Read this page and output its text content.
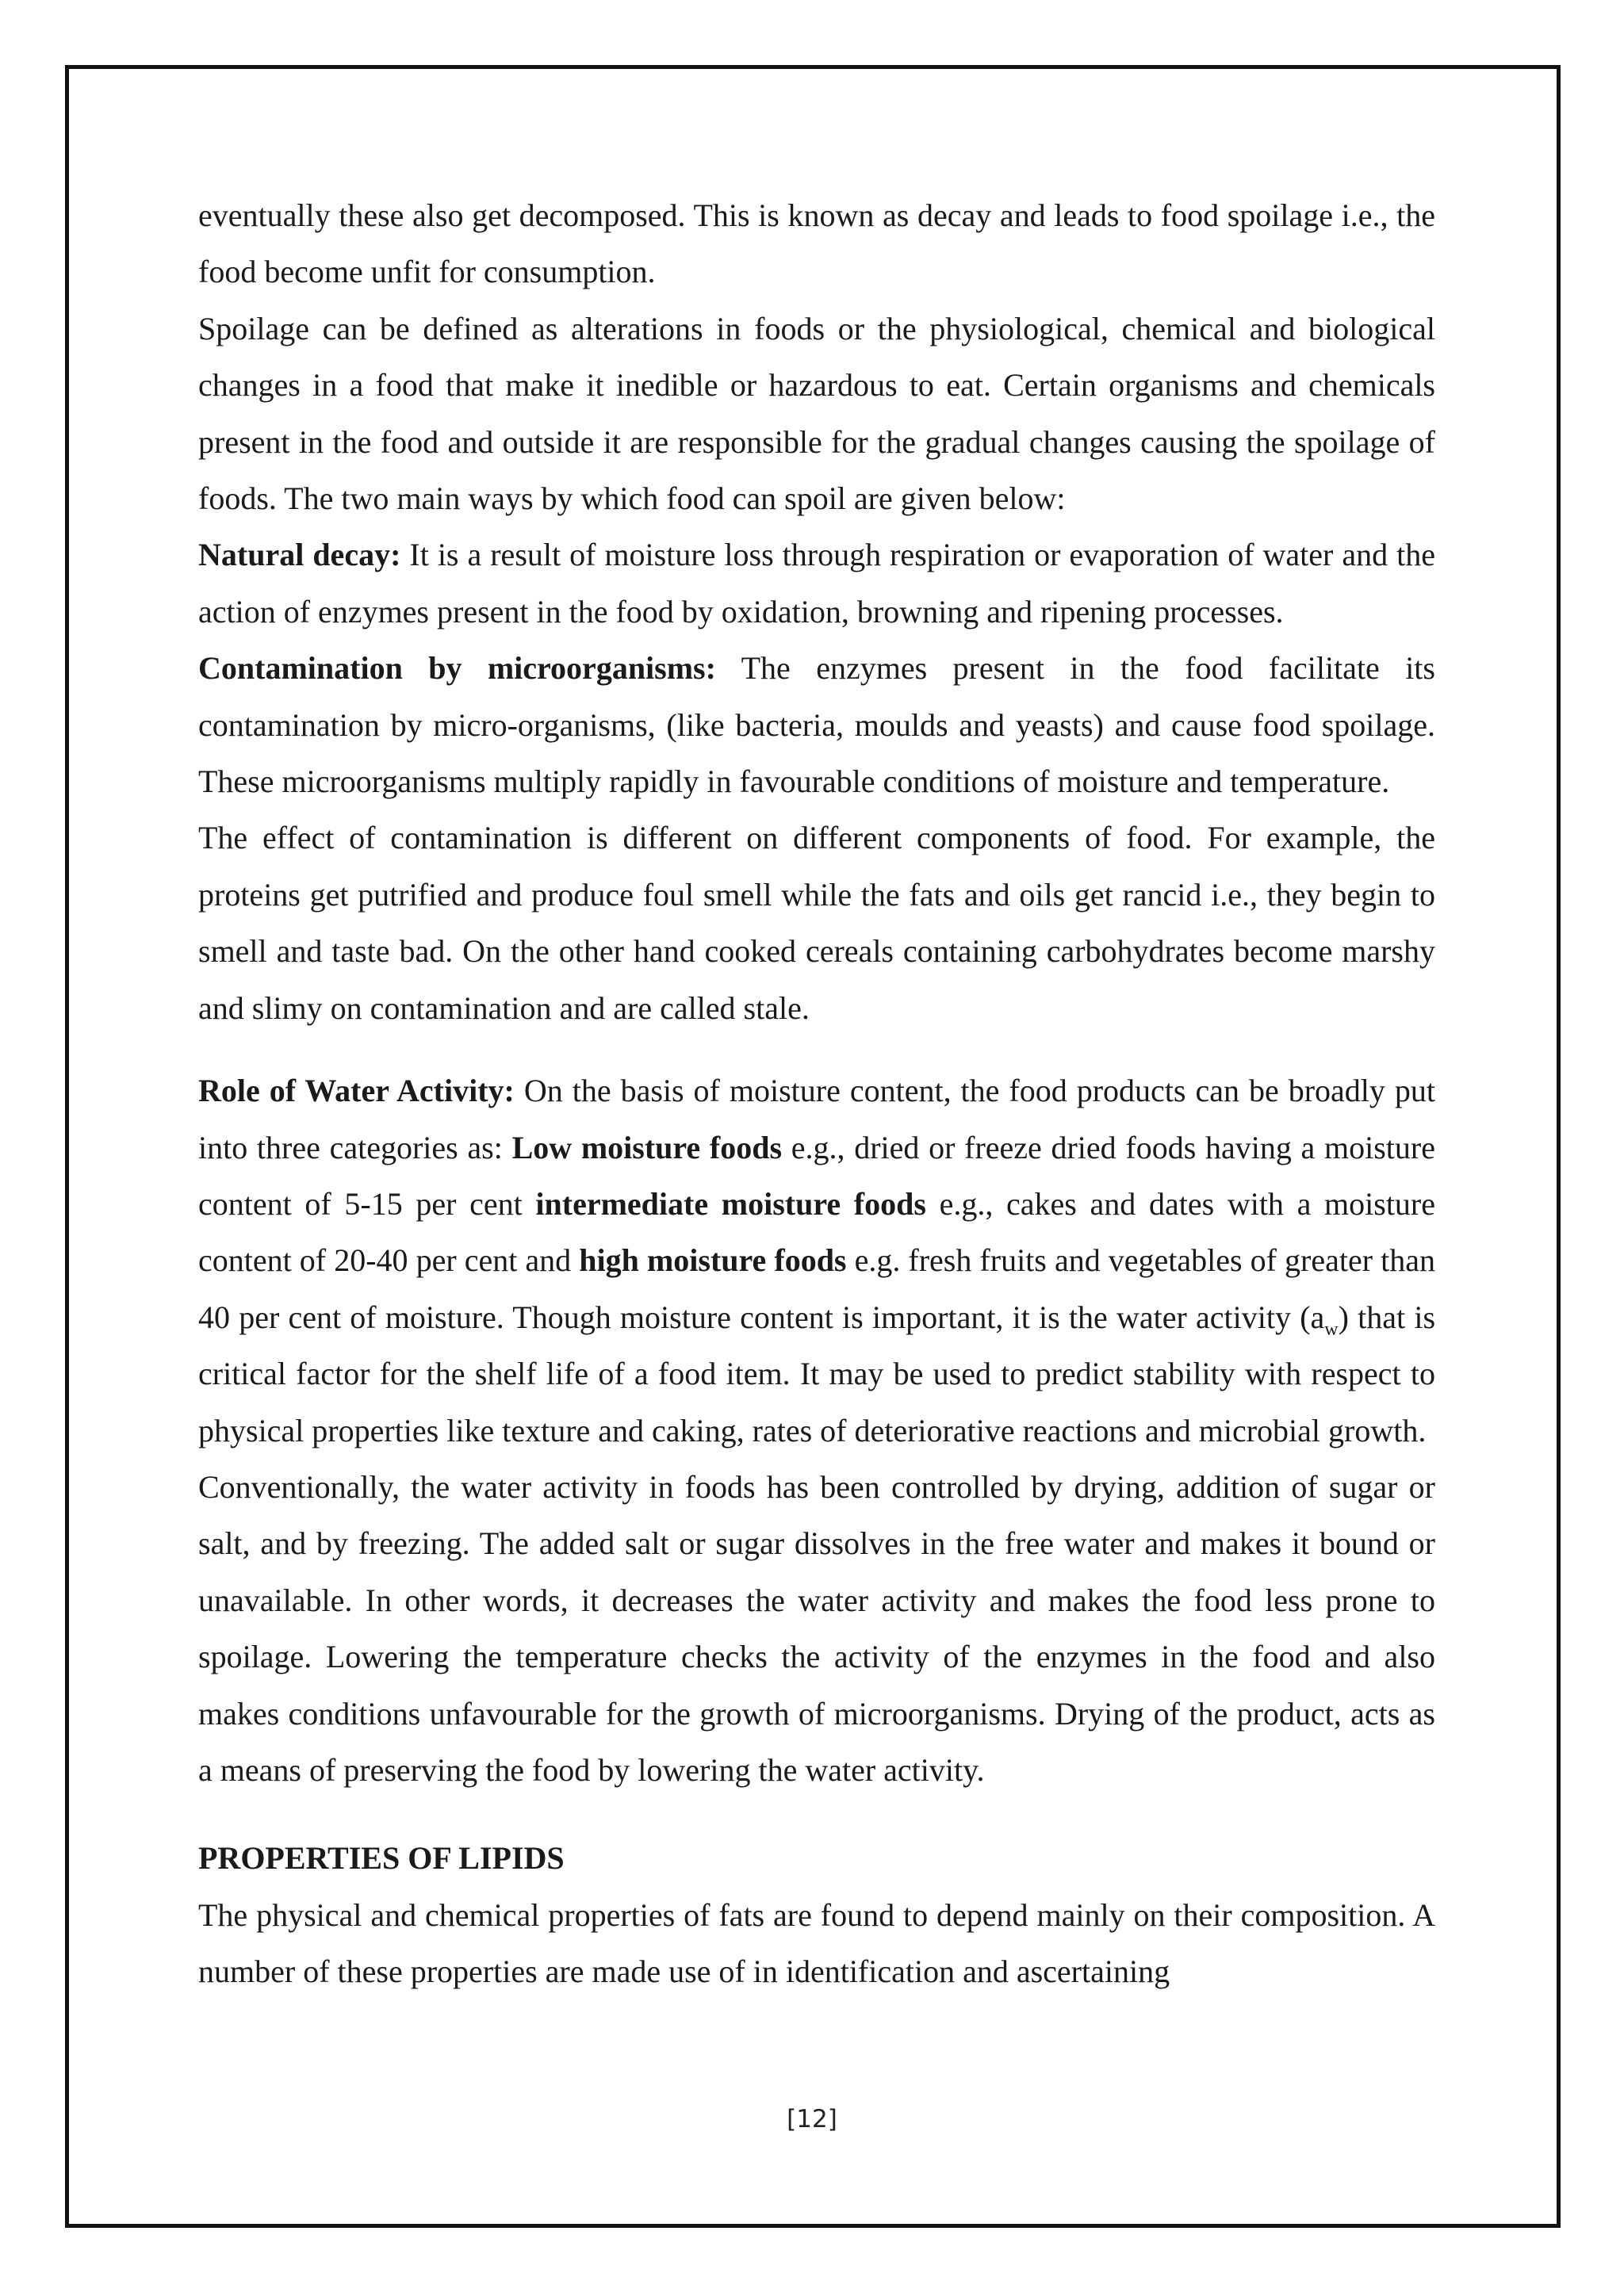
eventually these also get decomposed. This is known as decay and leads to food spoilage i.e., the food become unfit for consumption.

Spoilage can be defined as alterations in foods or the physiological, chemical and biological changes in a food that make it inedible or hazardous to eat. Certain organisms and chemicals present in the food and outside it are responsible for the gradual changes causing the spoilage of foods. The two main ways by which food can spoil are given below:

Natural decay: It is a result of moisture loss through respiration or evaporation of water and the action of enzymes present in the food by oxidation, browning and ripening processes.

Contamination by microorganisms: The enzymes present in the food facilitate its contamination by micro-organisms, (like bacteria, moulds and yeasts) and cause food spoilage. These microorganisms multiply rapidly in favourable conditions of moisture and temperature.

The effect of contamination is different on different components of food. For example, the proteins get putrified and produce foul smell while the fats and oils get rancid i.e., they begin to smell and taste bad. On the other hand cooked cereals containing carbohydrates become marshy and slimy on contamination and are called stale.

Role of Water Activity: On the basis of moisture content, the food products can be broadly put into three categories as: Low moisture foods e.g., dried or freeze dried foods having a moisture content of 5-15 per cent intermediate moisture foods e.g., cakes and dates with a moisture content of 20-40 per cent and high moisture foods e.g. fresh fruits and vegetables of greater than 40 per cent of moisture. Though moisture content is important, it is the water activity $(a_w)$ that is critical factor for the shelf life of a food item. It may be used to predict stability with respect to physical properties like texture and caking, rates of deteriorative reactions and microbial growth.

Conventionally, the water activity in foods has been controlled by drying, addition of sugar or salt, and by freezing. The added salt or sugar dissolves in the free water and makes it bound or unavailable. In other words, it decreases the water activity and makes the food less prone to spoilage. Lowering the temperature checks the activity of the enzymes in the food and also makes conditions unfavourable for the growth of microorganisms. Drying of the product, acts as a means of preserving the food by lowering the water activity.

PROPERTIES OF LIPIDS

The physical and chemical properties of fats are found to depend mainly on their composition. A number of these properties are made use of in identification and ascertaining

[12]
